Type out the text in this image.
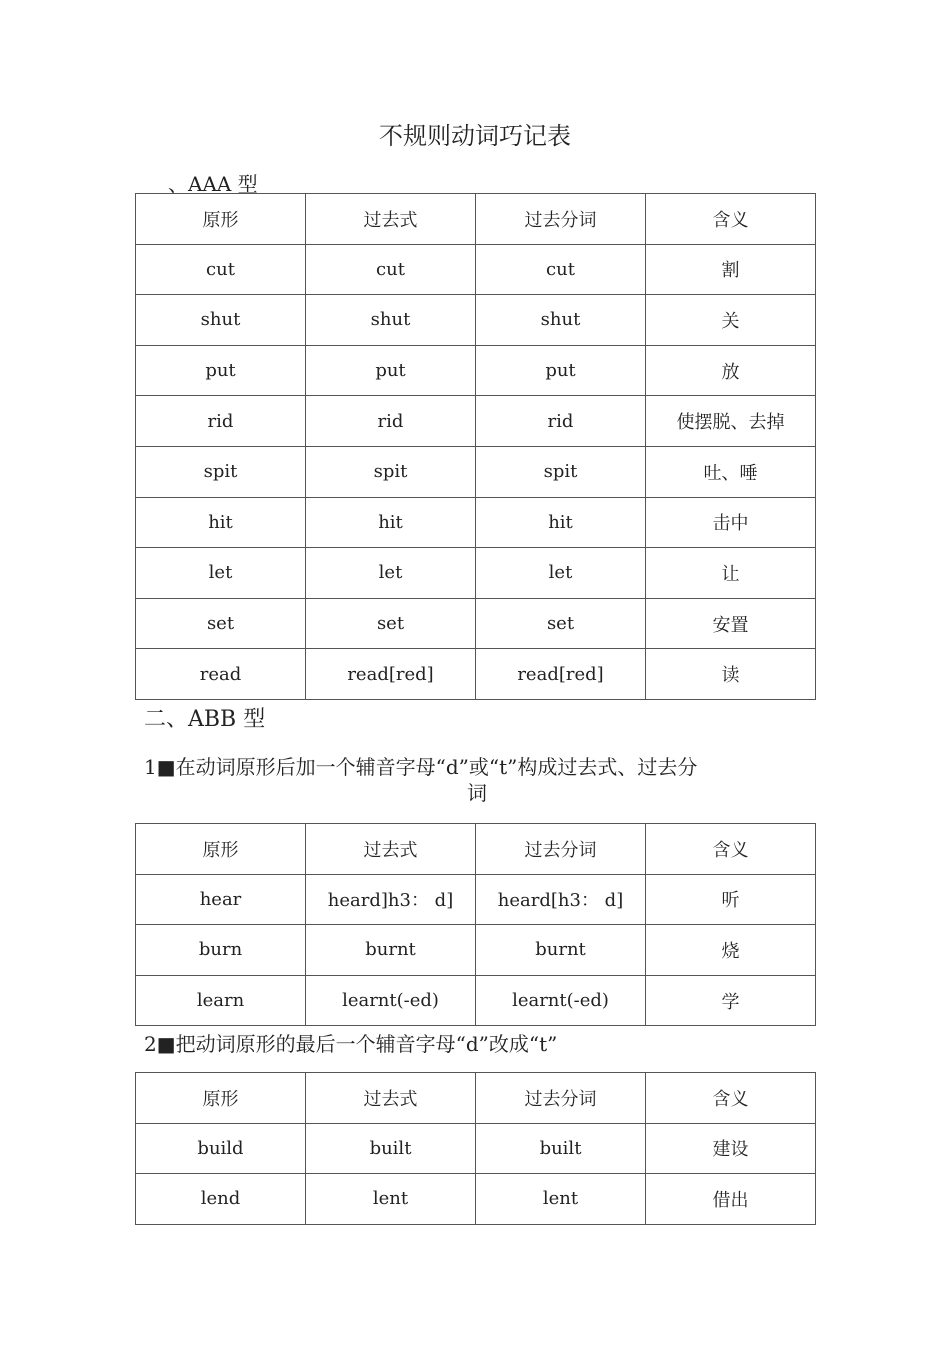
不规则动词巧记表
、AAA 型
原形	过去式	过去分词	含义
cut	cut	cut	割
shut	shut	shut	关
put	put	put	放
rid	rid	rid	使摆脱、去掉
spit	spit	spit	吐、唾
hit	hit	hit	击中
let	let	let	让
set	set	set	安置
read	read[red]	read[red]	读
二、ABB 型
1■在动词原形后加一个辅音字母“d”或“t”构成过去式、过去分
词
原形	过去式	过去分词	含义
hear	heard]h3： d]	heard[h3： d]	听
burn	burnt	burnt	烧
learn	learnt(-ed)	learnt(-ed)	学
2■把动词原形的最后一个辅音字母“d”改成“t”
原形	过去式	过去分词	含义
build	built	built	建设
lend	lent	lent	借出
